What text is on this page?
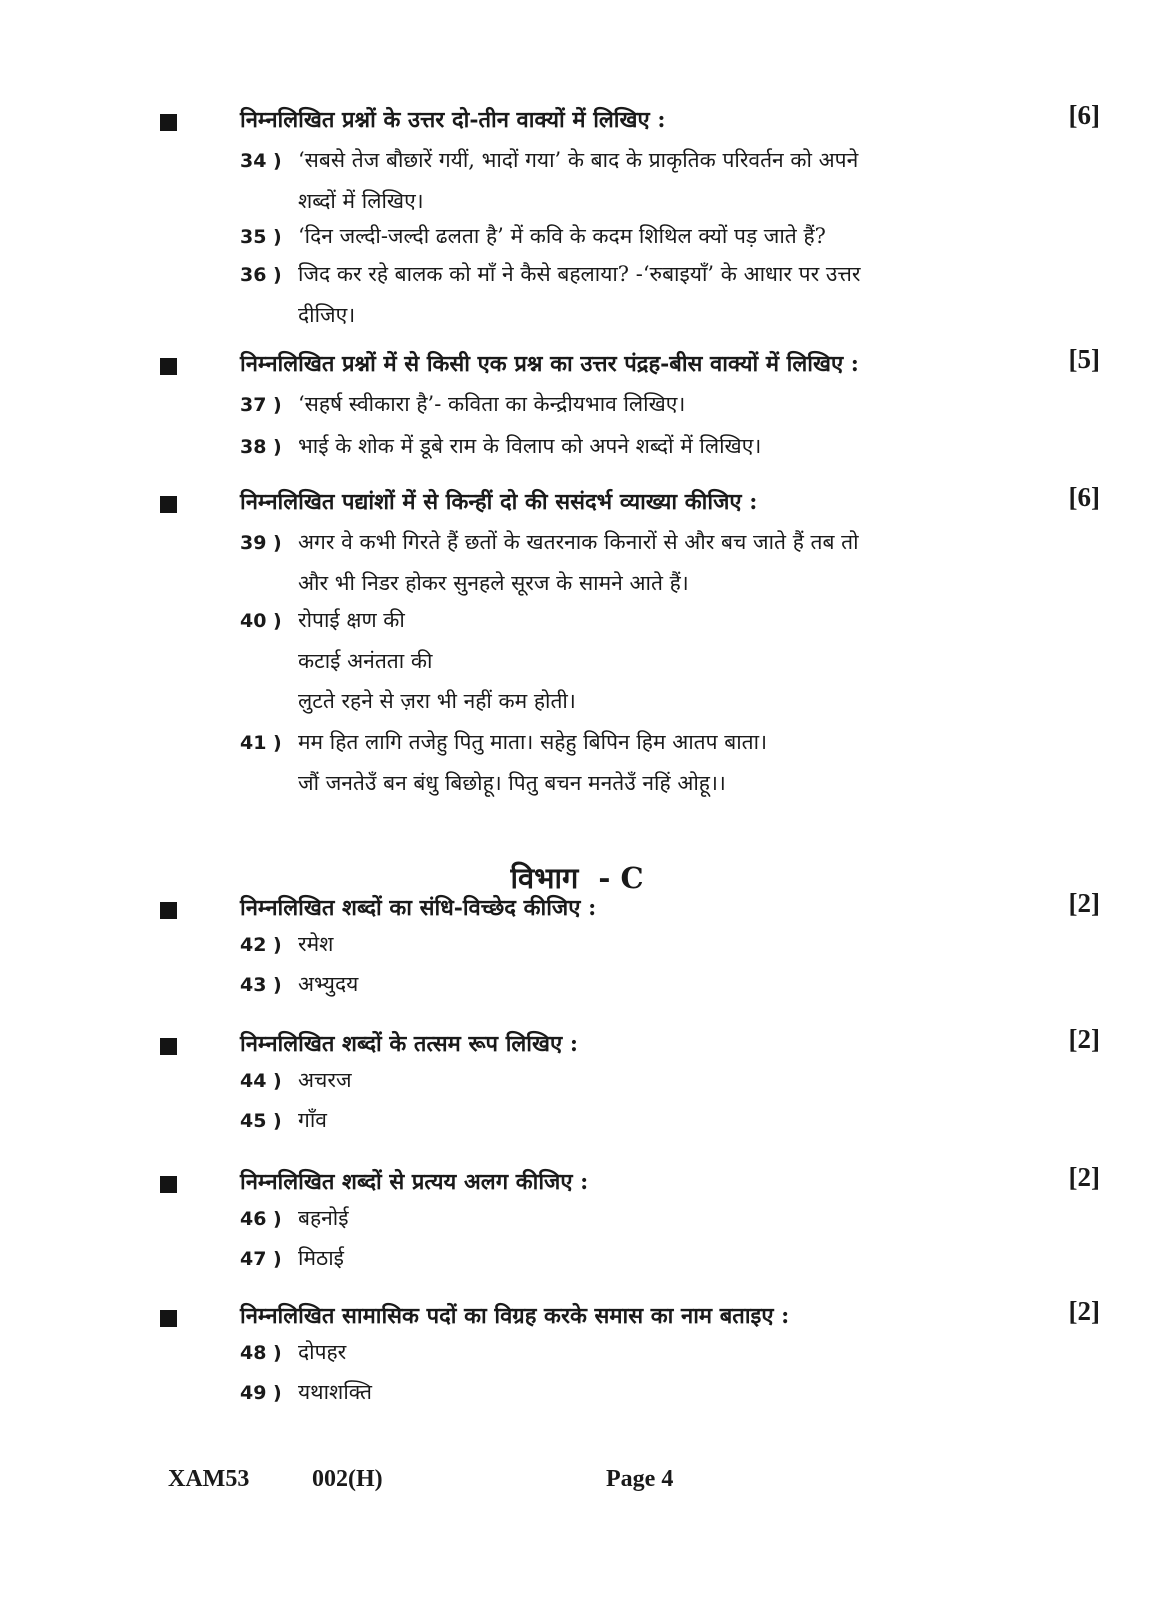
निम्नलिखित प्रश्नों के उत्तर दो-तीन वाक्यों में लिखिए :	[6]
34 ) ‘सबसे तेज बौछारें गयीं, भादों गया’ के बाद के प्राकृतिक परिवर्तन को अपने
शब्दों में लिखिए।
35 ) ‘दिन जल्दी-जल्दी ढलता है’ में कवि के कदम शिथिल क्यों पड़ जाते हैं?
36 ) जिद कर रहे बालक को माँ ने कैसे बहलाया? -‘रुबाइयाँ’ के आधार पर उत्तर
दीजिए।
निम्नलिखित प्रश्नों में से किसी एक प्रश्न का उत्तर पंद्रह-बीस वाक्यों में लिखिए :	[5]
37 ) ‘सहर्ष स्वीकारा है’- कविता का केन्द्रीयभाव लिखिए।
38 ) भाई के शोक में डूबे राम के विलाप को अपने शब्दों में लिखिए।
निम्नलिखित पद्यांशों में से किन्हीं दो की ससंदर्भ व्याख्या कीजिए :	[6]
39 ) अगर वे कभी गिरते हैं छतों के खतरनाक किनारों से और बच जाते हैं तब तो
और भी निडर होकर सुनहले सूरज के सामने आते हैं।
40 ) रोपाई क्षण की
कटाई अनंतता की
लुटते रहने से ज़रा भी नहीं कम होती।
41 ) मम हित लागि तजेहु पितु माता। सहेहु बिपिन हिम आतप बाता।
जौं जनतेउँ बन बंधु बिछोहू। पितु बचन मनतेउँ नहिं ओहू।।
विभाग - C
निम्नलिखित शब्दों का संधि-विच्छेद कीजिए :	[2]
42 ) रमेश
43 ) अभ्युदय
निम्नलिखित शब्दों के तत्सम रूप लिखिए :	[2]
44 ) अचरज
45 ) गाँव
निम्नलिखित शब्दों से प्रत्यय अलग कीजिए :	[2]
46 ) बहनोई
47 ) मिठाई
निम्नलिखित सामासिक पदों का विग्रह करके समास का नाम बताइए :	[2]
48 ) दोपहर
49 ) यथाशक्ति
XAM53	002(H)	Page 4
